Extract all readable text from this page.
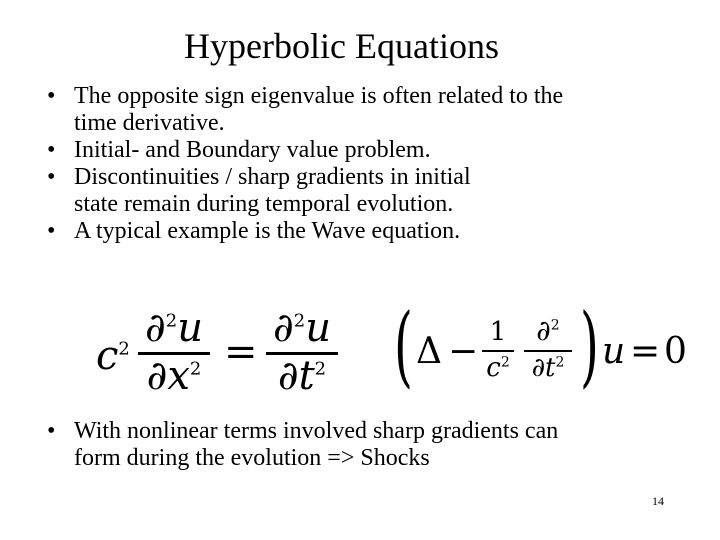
Hyperbolic Equations
• The opposite sign eigenvalue is often related to the
time derivative.
• Initial- and Boundary value problem.
• Discontinuities / sharp gradients in initial
state remain during temporal evolution.
• A typical example is the Wave equation.
$c^2$ ∂$^2$u
$\partial x^2$ =
∂$^2$u
$\partial t^2$ ( Δ − 1
$c^2$
∂$^2$
$\partial t^2$ ) u = 0
• With nonlinear terms involved sharp gradients can
form during the evolution => Shocks
14
